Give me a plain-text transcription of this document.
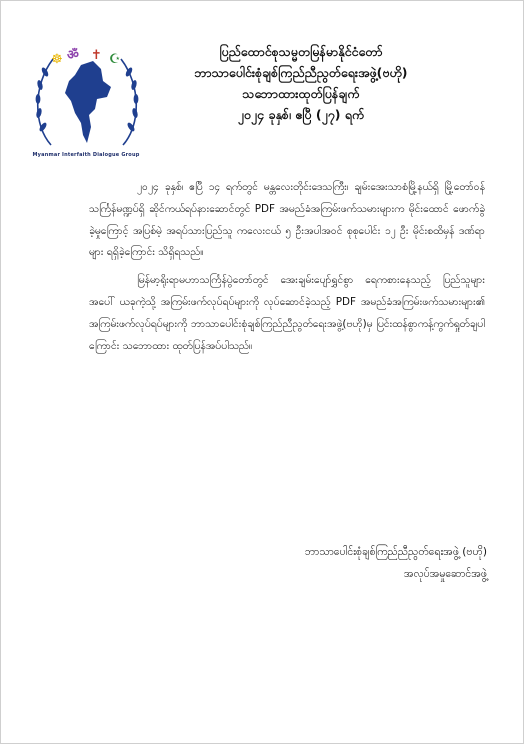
☸ ॐ ✝ ☪
Myanmar Interfaith Dialogue Group
ပြည်ထောင်စုသမ္မတမြန်မာနိုင်ငံတော်
ဘာသာပေါင်းစုံချစ်ကြည်ညီညွတ်ရေးအဖွဲ့(ဗဟို)
သဘောထားထုတ်ပြန်ချက်
၂၀၂၄ ခုနှစ်၊ ဧပြီ (၂၇) ရက်

၂၀၂၄ ခုနှစ်၊ ဧပြီ ၁၄ ရက်တွင် မန္တလေးတိုင်းဒေသကြီး၊ ချမ်းအေးသာစံမြို့နယ်ရှိ မြို့တော်ဝန်သင်္ကြန်မဏ္ဍပ်ရှိ ဆိုင်ကယ်ရပ်နားဆောင်တွင် PDF အမည်ခံအကြမ်းဖက်သမားများက မိုင်းထောင် ဖောက်ခွဲခဲ့မှုကြောင့် အပြစ်မဲ့ အရပ်သားပြည်သူ ကလေးငယ် ၅ ဦးအပါအဝင် စုစုပေါင်း ၁၂ ဦး မိုင်းစထိမှန် ဒဏ်ရာများ ရရှိခဲ့ကြောင်း သိရှိရသည်။

မြန်မာ့ရိုးရာမဟာသင်္ကြန်ပွဲတော်တွင် အေးချမ်းပျော်ရွှင်စွာ ရေကစားနေသည့် ပြည်သူများအပေါ် ယခုကဲ့သို့ အကြမ်းဖက်လုပ်ရပ်များကို လုပ်ဆောင်ခဲ့သည့် PDF အမည်ခံအကြမ်းဖက်သမားများ၏ အကြမ်းဖက်လုပ်ရပ်များကို ဘာသာပေါင်းစုံချစ်ကြည်ညီညွတ်ရေးအဖွဲ့(ဗဟို)မှ ပြင်းထန်စွာကန့်ကွက်ရှုတ်ချပါကြောင်း သဘောထား ထုတ်ပြန်အပ်ပါသည်။

ဘာသာပေါင်းစုံချစ်ကြည်ညီညွတ်ရေးအဖွဲ့ (ဗဟို)
အလုပ်အမှုဆောင်အဖွဲ့
